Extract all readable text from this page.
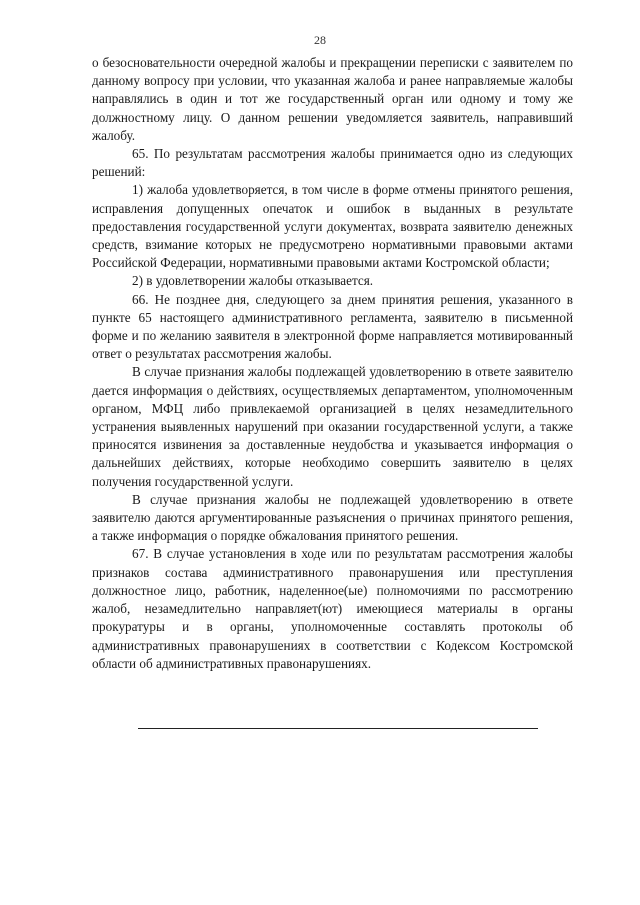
28

о безосновательности очередной жалобы и прекращении переписки с заявителем по данному вопросу при условии, что указанная жалоба и ранее направляемые жалобы направлялись в один и тот же государственный орган или одному и тому же должностному лицу. О данном решении уведомляется заявитель, направивший жалобу.

65. По результатам рассмотрения жалобы принимается одно из следующих решений:

1) жалоба удовлетворяется, в том числе в форме отмены принятого решения, исправления допущенных опечаток и ошибок в выданных в результате предоставления государственной услуги документах, возврата заявителю денежных средств, взимание которых не предусмотрено нормативными правовыми актами Российской Федерации, нормативными правовыми актами Костромской области;

2) в удовлетворении жалобы отказывается.

66. Не позднее дня, следующего за днем принятия решения, указанного в пункте 65 настоящего административного регламента, заявителю в письменной форме и по желанию заявителя в электронной форме направляется мотивированный ответ о результатах рассмотрения жалобы.

В случае признания жалобы подлежащей удовлетворению в ответе заявителю дается информация о действиях, осуществляемых департаментом, уполномоченным органом, МФЦ либо привлекаемой организацией в целях незамедлительного устранения выявленных нарушений при оказании государственной услуги, а также приносятся извинения за доставленные неудобства и указывается информация о дальнейших действиях, которые необходимо совершить заявителю в целях получения государственной услуги.

В случае признания жалобы не подлежащей удовлетворению в ответе заявителю даются аргументированные разъяснения о причинах принятого решения, а также информация о порядке обжалования принятого решения.

67. В случае установления в ходе или по результатам рассмотрения жалобы признаков состава административного правонарушения или преступления должностное лицо, работник, наделенное(ые) полномочиями по рассмотрению жалоб, незамедлительно направляет(ют) имеющиеся материалы в органы прокуратуры и в органы, уполномоченные составлять протоколы об административных правонарушениях в соответствии с Кодексом Костромской области об административных правонарушениях.
